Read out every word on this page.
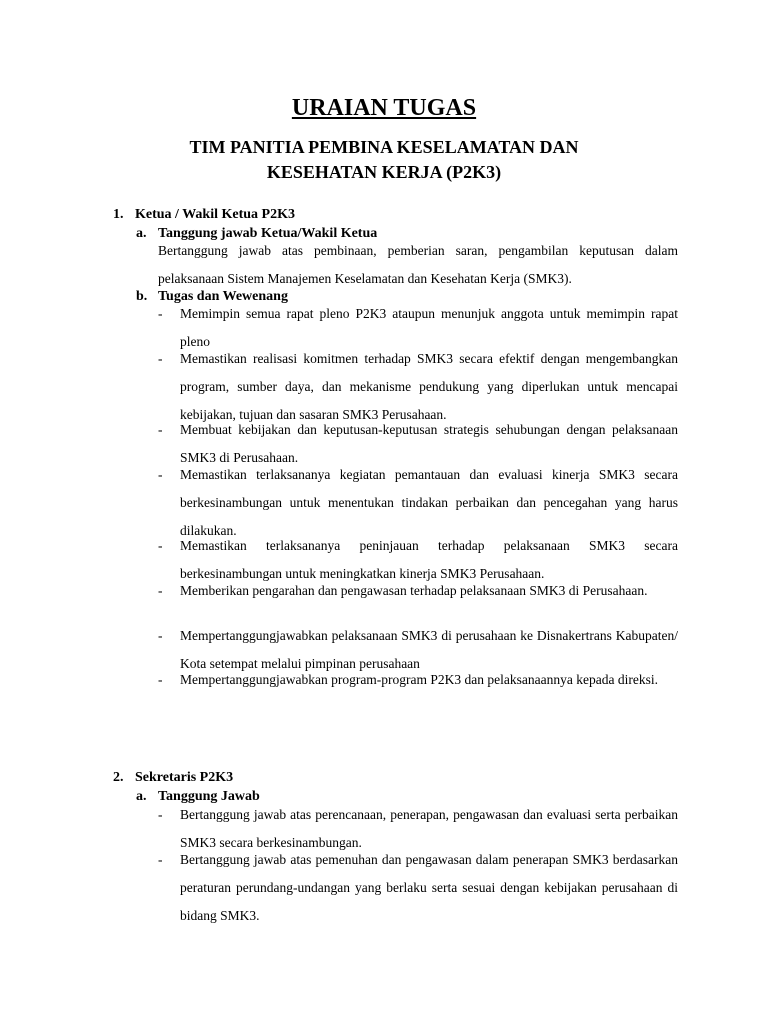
URAIAN TUGAS
TIM PANITIA PEMBINA KESELAMATAN DAN
KESEHATAN KERJA (P2K3)
1. Ketua / Wakil Ketua P2K3
a. Tanggung jawab Ketua/Wakil Ketua
Bertanggung jawab atas pembinaan, pemberian saran, pengambilan keputusan dalam pelaksanaan Sistem Manajemen Keselamatan dan Kesehatan Kerja (SMK3).
b. Tugas dan Wewenang
-	Memimpin semua rapat pleno P2K3 ataupun menunjuk anggota untuk memimpin rapat pleno
-	Memastikan realisasi komitmen terhadap SMK3 secara efektif dengan mengembangkan program, sumber daya, dan mekanisme pendukung yang diperlukan untuk mencapai kebijakan, tujuan dan sasaran SMK3 Perusahaan.
-	Membuat kebijakan dan keputusan-keputusan strategis sehubungan dengan pelaksanaan SMK3 di Perusahaan.
-	Memastikan terlaksananya kegiatan pemantauan dan evaluasi kinerja SMK3 secara berkesinambungan untuk menentukan tindakan perbaikan dan pencegahan yang harus dilakukan.
-	Memastikan terlaksananya peninjauan terhadap pelaksanaan SMK3 secara berkesinambungan untuk meningkatkan kinerja SMK3 Perusahaan.
-	Memberikan pengarahan dan pengawasan terhadap pelaksanaan SMK3 di Perusahaan.
-	Mempertanggungjawabkan pelaksanaan SMK3 di perusahaan ke Disnakertrans Kabupaten/ Kota setempat melalui pimpinan perusahaan
-	Mempertanggungjawabkan program-program P2K3 dan pelaksanaannya kepada direksi.
2. Sekretaris P2K3
a. Tanggung Jawab
-	Bertanggung jawab atas perencanaan, penerapan, pengawasan dan evaluasi serta perbaikan SMK3 secara berkesinambungan.
-	Bertanggung jawab atas pemenuhan dan pengawasan dalam penerapan SMK3 berdasarkan peraturan perundang-undangan yang berlaku serta sesuai dengan kebijakan perusahaan di bidang SMK3.
